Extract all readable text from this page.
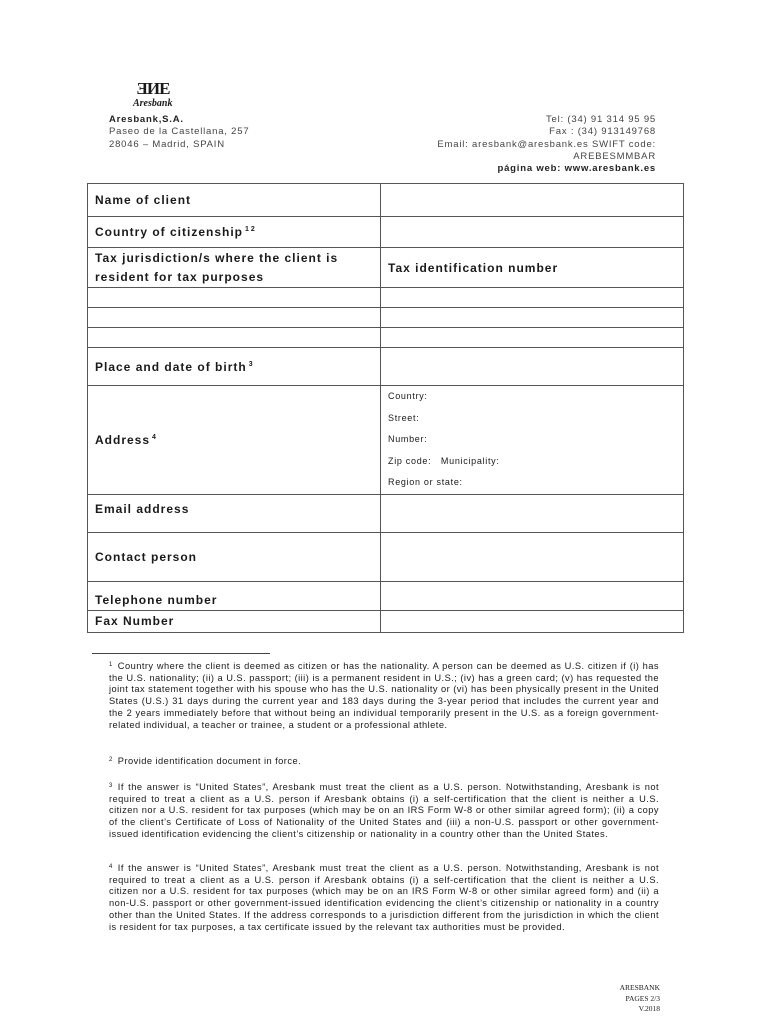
ƎИE
Aresbank
Aresbank,S.A.
Paseo de la Castellana, 257
28046 – Madrid, SPAIN
Tel: (34) 91 314 95 95
Fax : (34) 913149768
Email: aresbank@aresbank.es SWIFT code:
AREBESMMBAR
página web: www.aresbank.es
Name of client	
Country of citizenship $^{1 2}$	
Tax jurisdiction/s where the client is resident for tax purposes	Tax identification number

Place and date of birth $^3$	
Address $^4$	Country:
Street:
Number:
Zip code:   Municipality:
Region or state:

Email address	
Contact person	
Telephone number	
Fax Number	
$^1$ Country where the client is deemed as citizen or has the nationality. A person can be deemed as U.S. citizen if (i) has the U.S. nationality; (ii) a U.S. passport; (iii) is a permanent resident in U.S.; (iv) has a green card; (v) has requested the joint tax statement together with his spouse who has the U.S. nationality or (vi) has been physically present in the United States (U.S.) 31 days during the current year and 183 days during the 3-year period that includes the current year and the 2 years immediately before that without being an individual temporarily present in the U.S. as a foreign government-related individual, a teacher or trainee, a student or a professional athlete.
$^2$ Provide identification document in force.
$^3$ If the answer is “United States”, Aresbank must treat the client as a U.S. person. Notwithstanding, Aresbank is not required to treat a client as a U.S. person if Aresbank obtains (i) a self-certification that the client is neither a U.S. citizen nor a U.S. resident for tax purposes (which may be on an IRS Form W-8 or other similar agreed form); (ii) a copy of the client’s Certificate of Loss of Nationality of the United States and (iii) a non-U.S. passport or other government-issued identification evidencing the client’s citizenship or nationality in a country other than the United States.
$^4$ If the answer is “United States”, Aresbank must treat the client as a U.S. person. Notwithstanding, Aresbank is not required to treat a client as a U.S. person if Aresbank obtains (i) a self-certification that the client is neither a U.S. citizen nor a U.S. resident for tax purposes (which may be on an IRS Form W-8 or other similar agreed form) and (ii) a non-U.S. passport or other government-issued identification evidencing the client’s citizenship or nationality in a country other than the United States. If the address corresponds to a jurisdiction different from the jurisdiction in which the client is resident for tax purposes, a tax certificate issued by the relevant tax authorities must be provided.
ARESBANK
PAGES 2/3
V.2018
